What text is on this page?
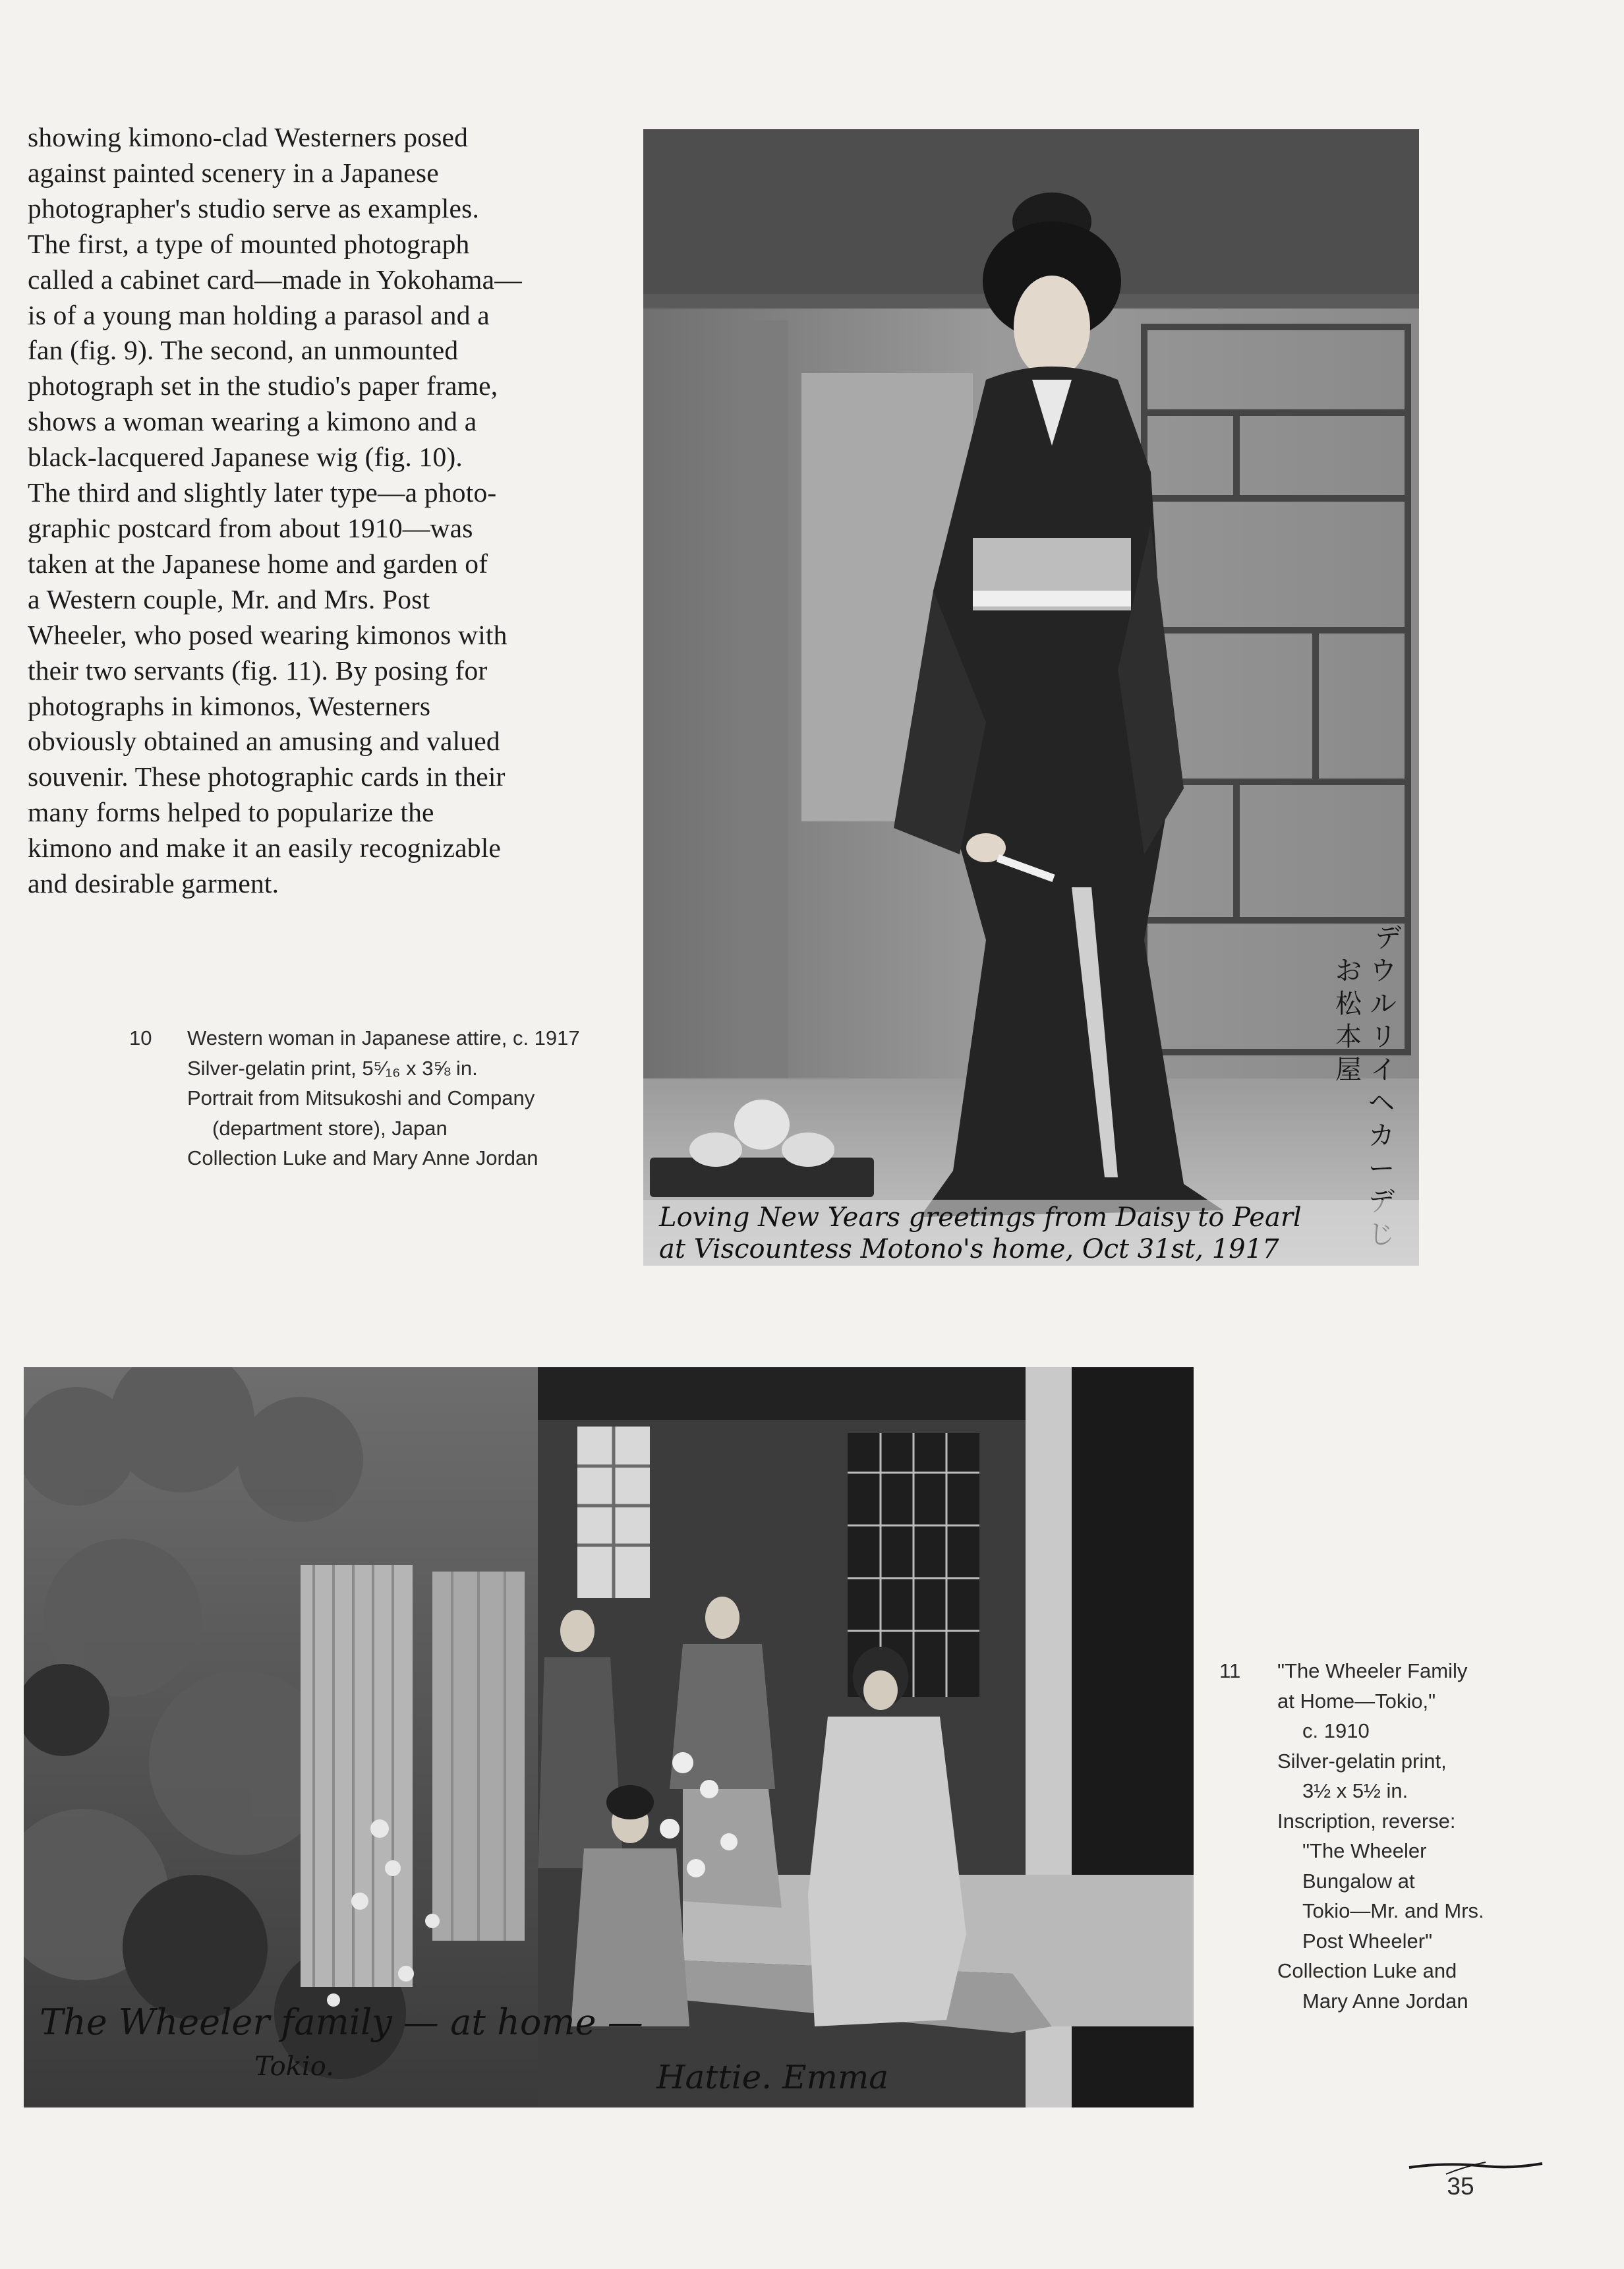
showing kimono-clad Westerners posed
against painted scenery in a Japanese
photographer's studio serve as examples.
The first, a type of mounted photograph
called a cabinet card—made in Yokohama—
is of a young man holding a parasol and a
fan (fig. 9). The second, an unmounted
photograph set in the studio's paper frame,
shows a woman wearing a kimono and a
black-lacquered Japanese wig (fig. 10).
The third and slightly later type—a photo-
graphic postcard from about 1910—was
taken at the Japanese home and garden of
a Western couple, Mr. and Mrs. Post
Wheeler, who posed wearing kimonos with
their two servants (fig. 11). By posing for
photographs in kimonos, Westerners
obviously obtained an amusing and valued
souvenir. These photographic cards in their
many forms helped to popularize the
kimono and make it an easily recognizable
and desirable garment.
10 Western woman in Japanese attire, c. 1917
Silver-gelatin print, 5⁵⁄₁₆ x 3⅝ in.
Portrait from Mitsukoshi and Company
(department store), Japan
Collection Luke and Mary Anne Jordan
デ
お ウ
松 ル
本 リ
屋 イ
ヘ
カ
ー
Loving New Years greetings from Daisy to Pearl
at Viscountess Motono's home, Oct 31st, 1917
The Wheeler family — at home —
Tokio.	Hattie. Emma
11 "The Wheeler Family
at Home—Tokio,"
c. 1910
Silver-gelatin print,
3½ x 5½ in.
Inscription, reverse:
"The Wheeler
Bungalow at
Tokio—Mr. and Mrs.
Post Wheeler"
Collection Luke and
Mary Anne Jordan
35
